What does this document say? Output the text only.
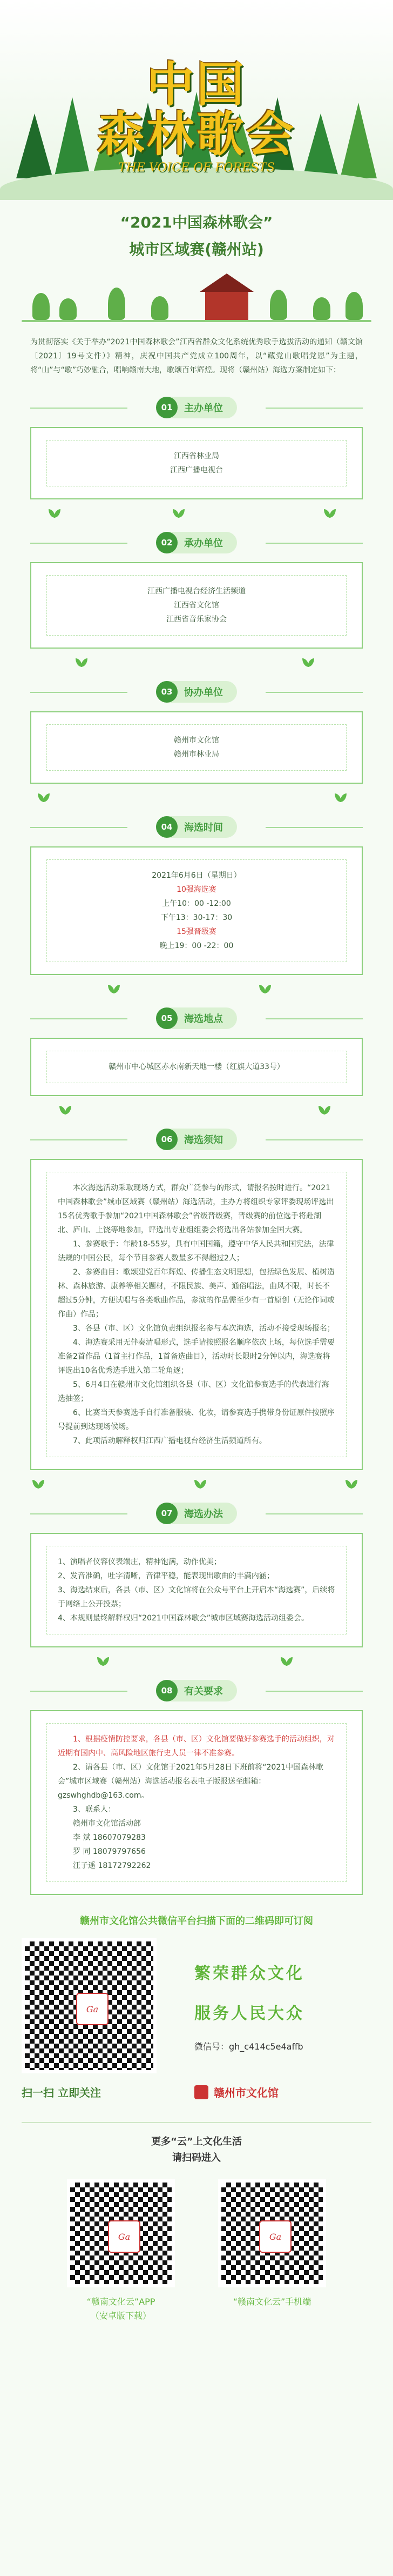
中国
森林歌会
THE VOICE OF FORESTS
“2021中国森林歌会”
城市区域赛(赣州站)

为贯彻落实《关于举办“2021中国森林歌会”江西省群众文化系统优秀歌手选拔活动的通知（赣文馆〔2021〕19号文件）》精神，庆祝中国共产党成立100周年，以“藏党山歌唱党恩”为主题，将“山”与“歌”巧妙融合，唱响赣南大地，歌颂百年辉煌。现将（赣州站）海选方案制定如下：

01	主办单位

江西省林业局

江西广播电视台

02	承办单位

江西广播电视台经济生活频道

江西省文化馆

江西省音乐家协会

03	协办单位

赣州市文化馆

赣州市林业局

04	海选时间

2021年6月6日（星期日）

10强海选赛

上午10：00 -12:00

下午13：30-17：30

15强晋级赛

晚上19：00 -22：00

05	海选地点

赣州市中心城区赤水南新天地一楼（红旗大道33号）

06	海选须知

本次海选活动采取现场方式，群众广泛参与的形式，请报名按时进行。“2021中国森林歌会”城市区域赛（赣州站）海选活动，主办方将组织专家评委现场评选出15名优秀歌手参加“2021中国森林歌会”省级晋级赛，晋级赛的前位选手将赴湖北、庐山、上饶等地参加，评选出专业组组委会将选出各站参加全国大赛。

1、参赛歌手：年龄18-55岁，具有中国国籍，遵守中华人民共和国宪法，法律法规的中国公民，每个节目参赛人数最多不得超过2人；

2、参赛曲目：歌颂建党百年辉煌、传播生态文明思想，包括绿色发展、植树造林、森林旅游、康养等相关题材，不限民族、美声、通俗唱法，曲风不限，时长不超过5分钟，方便试唱与各类歌曲作品，参演的作品需至少有一首原创（无论作词或作曲）作品；

3、各县（市、区）文化馆负责组织报名参与本次海选，活动不接受现场报名；

4、海选赛采用无伴奏清唱形式，选手请按照报名顺序依次上场，每位选手需要准备2首作品（1首主打作品，1首备选曲目），活动时长限时2分钟以内，海选赛将评选出10名优秀选手进入第二轮角逐；

5、6月4日在赣州市文化馆组织各县（市、区）文化馆参赛选手的代表进行海选抽签；

6、比赛当天参赛选手自行准备服装、化妆，请参赛选手携带身份证原件按照序号提前到达现场候场。

7、此项活动解释权归江西广播电视台经济生活频道所有。

07	海选办法

1、演唱者仪容仪表端庄，精神饱满，动作优美；

2、发音准确，吐字清晰，音律平稳，能表现出歌曲的丰满内涵；

3、海选结束后，各县（市、区）文化馆将在公众号平台上开启本“海选赛”，后续将于网络上公开投票；

4、本规则最终解释权归“2021中国森林歌会”城市区域赛海选活动组委会。

08	有关要求

1、根据疫情防控要求，各县（市、区）文化馆要做好参赛选手的活动组织，对近期有国内中、高风险地区旅行史人员一律不准参赛。

2、请各县（市、区）文化馆于2021年5月28日下班前将“2021中国森林歌会”城市区域赛（赣州站）海选活动报名表电子版报送至邮箱：gzswhghdb@163.com。

3、联系人：

赣州市文化馆活动部

李 斌 18607079283

罗 同 18079797656

汪子遥 18172792262

赣州市文化馆公共微信平台扫描下面的二维码即可订阅
Ga
繁荣群众文化
服务人民大众
微信号：gh_c414c5e4affb
扫一扫 立即关注	赣州市文化馆
更多“云”上文化生活
请扫码进入
Ga
“赣南文化云”APP
（安卓版下载）
Ga
“赣南文化云”手机端
